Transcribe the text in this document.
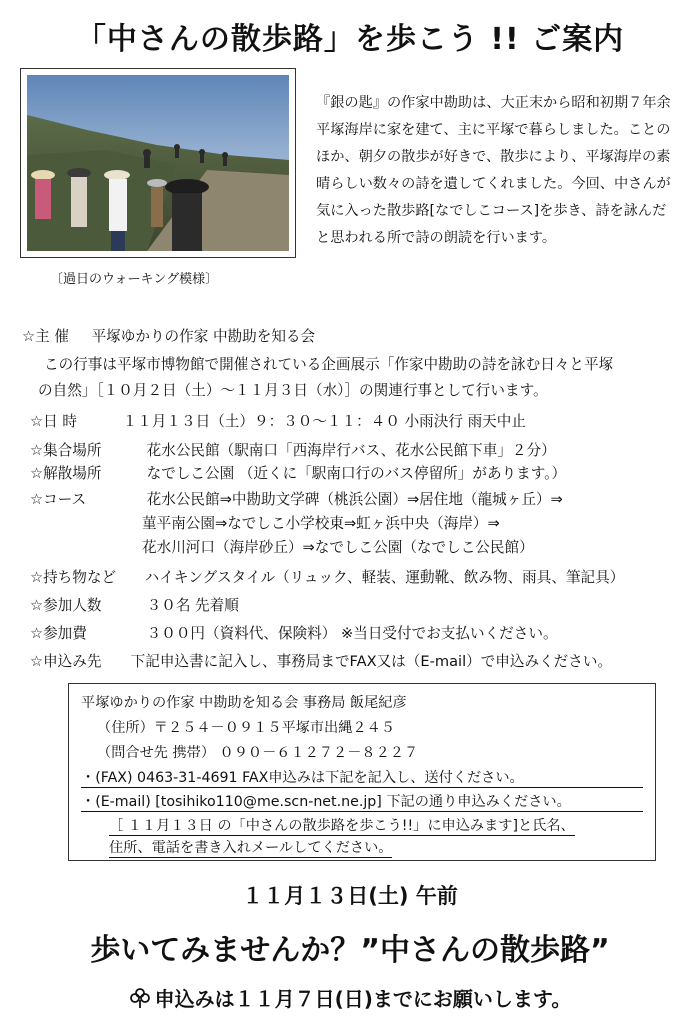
「中さんの散歩路」を歩こう !! ご案内
〔過日のウォーキング模様〕
『銀の匙』の作家中勘助は、大正末から昭和初期７年余平塚海岸に家を建て、主に平塚で暮らしました。ことのほか、朝夕の散歩が好きで、散歩により、平塚海岸の素晴らしい数々の詩を遺してくれました。今回、中さんが気に入った散歩路[なでしこコース]を歩き、詩を詠んだと思われる所で詩の朗読を行います。
☆主 催 平塚ゆかりの作家 中勘助を知る会
この行事は平塚市博物館で開催されている企画展示「作家中勘助の詩を詠む日々と平塚
の自然」［１０月２日（土）～１１月３日（水）］の関連行事として行います。
☆日 時	１１月１３日（土）９：３０～１１：４０ 小雨決行 雨天中止
☆集合場所	花水公民館（駅南口「西海岸行バス、花水公民館下車」２分）
☆解散場所	なでしこ公園 （近くに「駅南口行のバス停留所」があります。）
☆コース	花水公民館⇒中勘助文学碑（桃浜公園）⇒居住地（龍城ヶ丘）⇒
菫平南公園⇒なでしこ小学校東⇒虹ヶ浜中央（海岸）⇒
花水川河口（海岸砂丘）⇒なでしこ公園（なでしこ公民館）
☆持ち物など ハイキングスタイル（リュック、軽装、運動靴、飲み物、雨具、筆記具）
☆参加人数	３０名 先着順
☆参加費	３００円（資料代、保険料） ※当日受付でお支払いください。
☆申込み先 下記申込書に記入し、事務局までFAX又は（E-mail）で申込みください。
平塚ゆかりの作家 中勘助を知る会 事務局 飯尾紀彦
（住所）〒２５４－０９１５平塚市出縄２４５
（問合せ先 携帯） ０９０－６１２７２－８２２７
・(FAX) 0463-31-4691 FAX申込みは下記を記入し、送付ください。
・(E-mail) [tosihiko110@me.scn-net.ne.jp] 下記の通り申込みください。
［ １１月１３日 の「中さんの散歩路を歩こう!!」に申込みます]と氏名、
住所、電話を書き入れメールしてください。
１１月１３日(土) 午前
歩いてみませんか？”中さんの散歩路”
申込みは１１月７日(日)までにお願いします。
